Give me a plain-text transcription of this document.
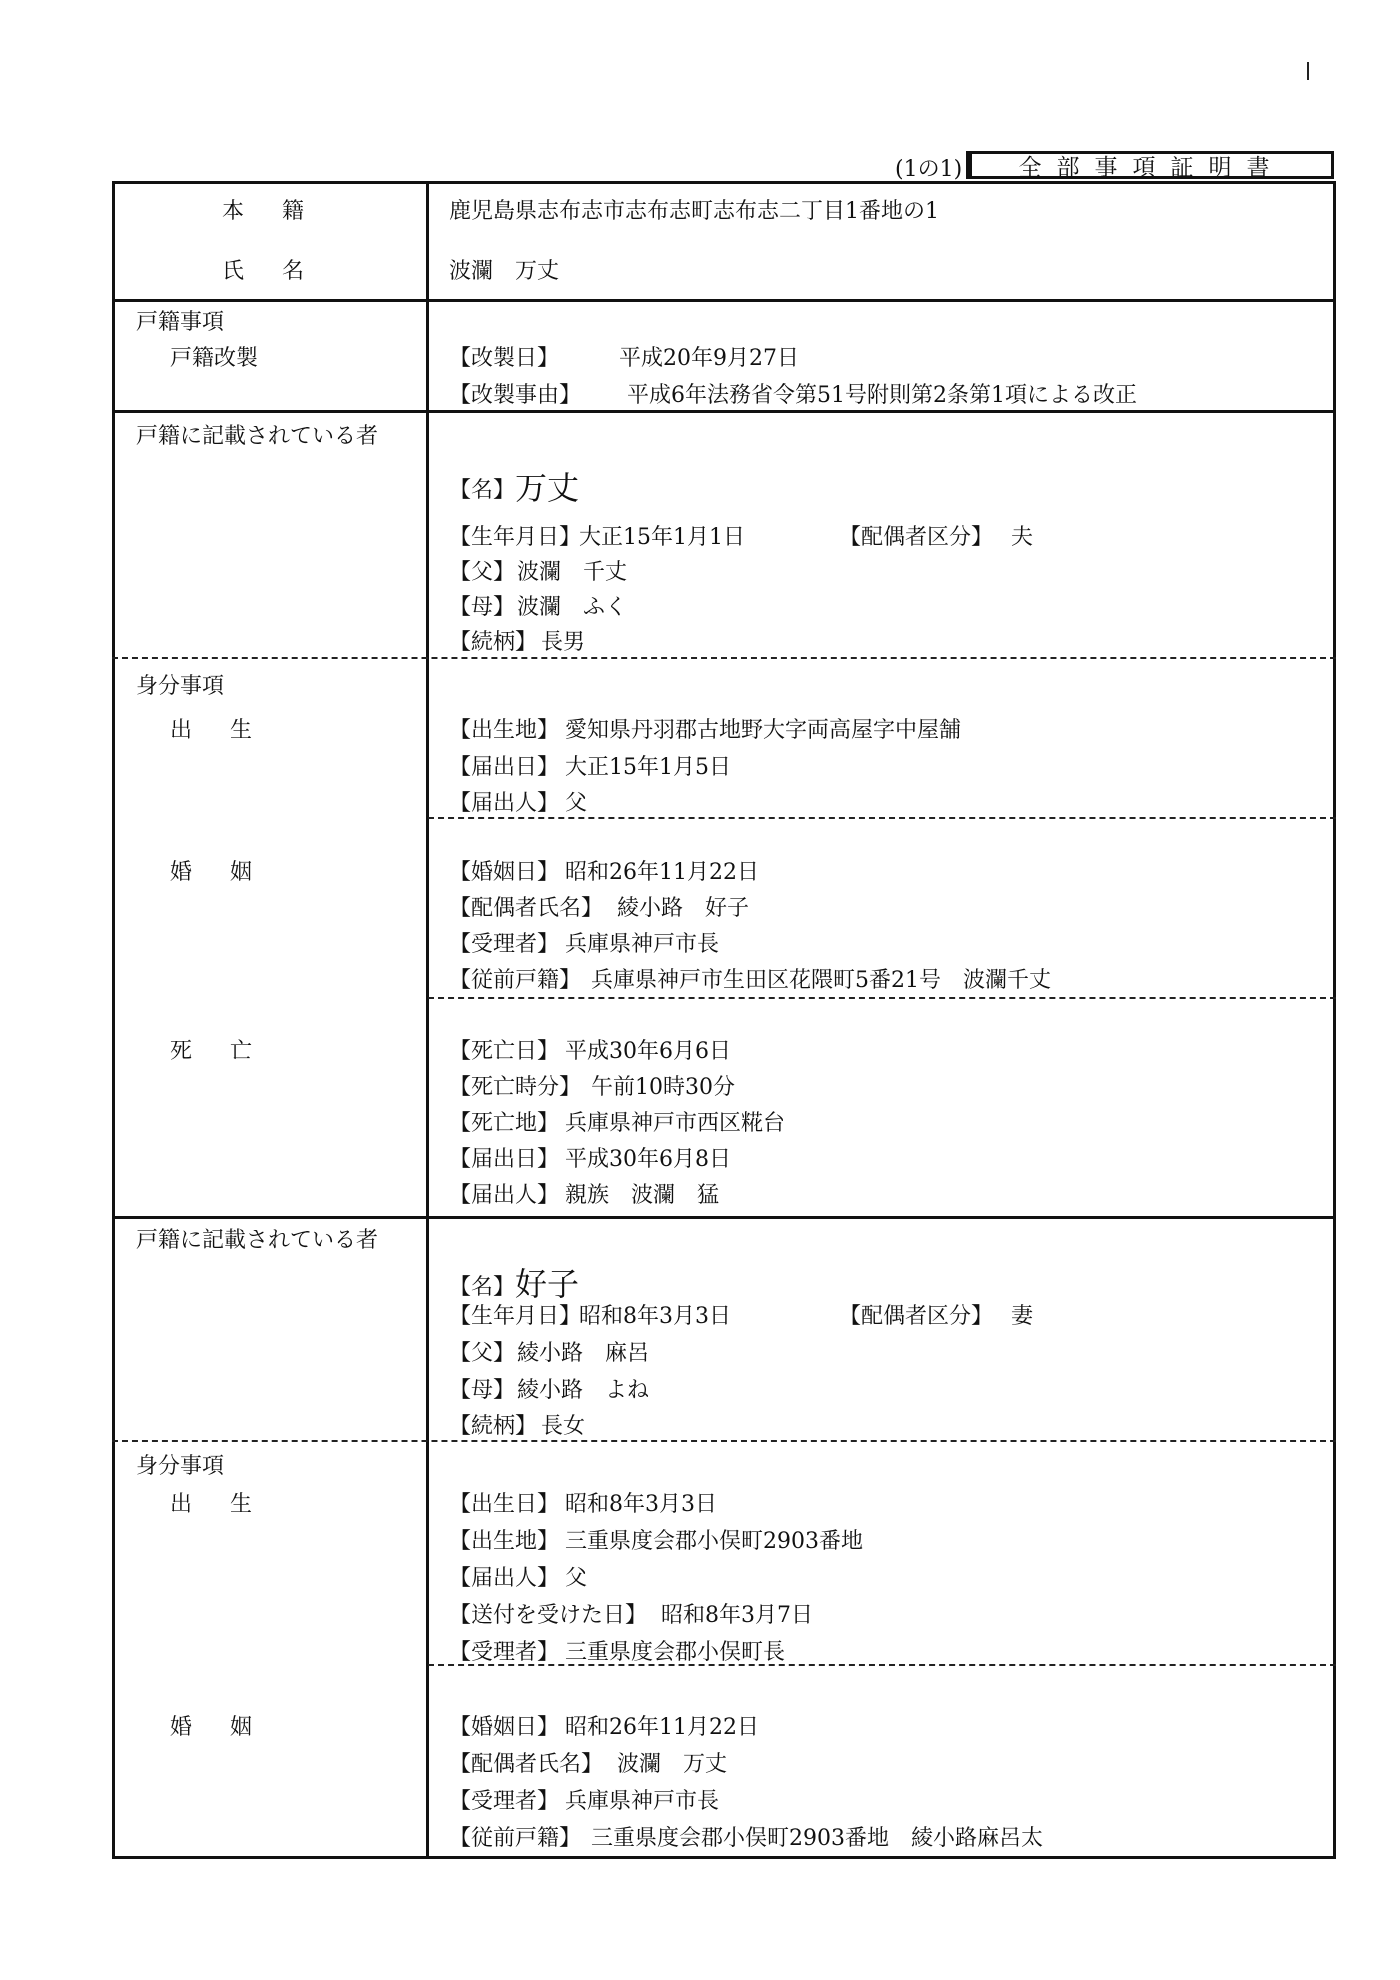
(1の1) 全部事項証明書
本籍	鹿児島県志布志市志布志町志布志二丁目1番地の1
氏名	波瀾　万丈
戸籍事項
戸籍改製	【改製日】	平成20年9月27日
【改製事由】 平成6年法務省令第51号附則第2条第1項による改正
戸籍に記載されている者
【名】 万丈
【生年月日】
大正15年1月1日	【配偶者区分】 夫
【父】 波瀾　千丈
【母】 波瀾　ふく
【続柄】 長男
身分事項
出生	【出生地】 愛知県丹羽郡古地野大字両高屋字中屋舗
【届出日】 大正15年1月5日
【届出人】 父
婚姻	【婚姻日】 昭和26年11月22日
【配偶者氏名】 綾小路　好子
【受理者】 兵庫県神戸市長
【従前戸籍】 兵庫県神戸市生田区花隈町5番21号　波瀾千丈
死亡	【死亡日】 平成30年6月6日
【死亡時分】 午前10時30分
【死亡地】 兵庫県神戸市西区糀台
【届出日】 平成30年6月8日
【届出人】 親族　波瀾　猛
戸籍に記載されている者
【名】 好子
【生年月日】
昭和8年3月3日	【配偶者区分】 妻
【父】 綾小路　麻呂
【母】 綾小路　よね
【続柄】 長女
身分事項
出生	【出生日】 昭和8年3月3日
【出生地】 三重県度会郡小俣町2903番地
【届出人】 父
【送付を受けた日】 昭和8年3月7日
【受理者】 三重県度会郡小俣町長
婚姻	【婚姻日】 昭和26年11月22日
【配偶者氏名】 波瀾　万丈
【受理者】 兵庫県神戸市長
【従前戸籍】 三重県度会郡小俣町2903番地　綾小路麻呂太
